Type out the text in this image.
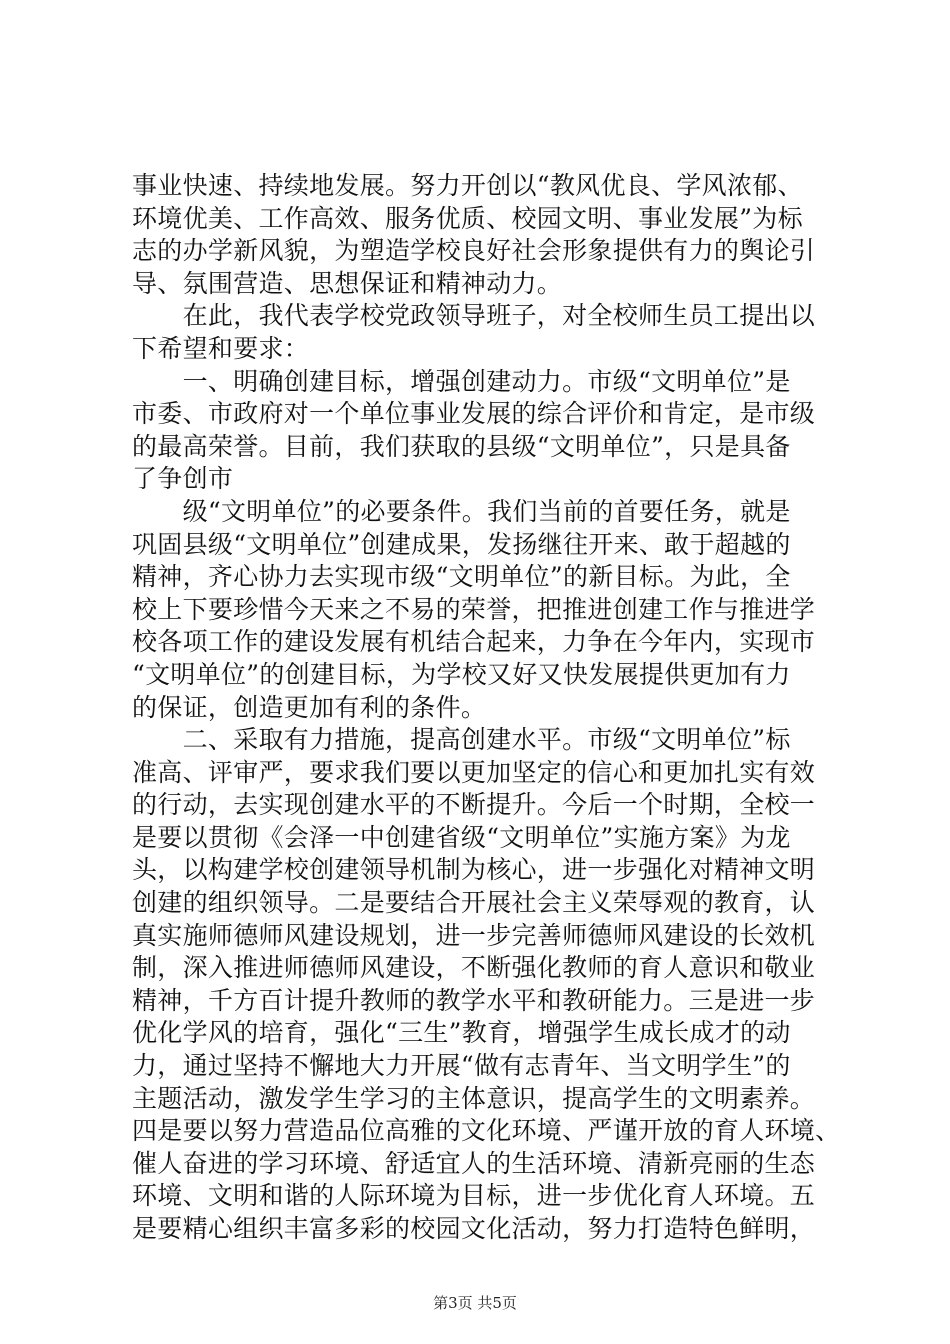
事业快速、持续地发展。努力开创以“教风优良、学风浓郁、
环境优美、工作高效、服务优质、校园文明、事业发展”为标
志的办学新风貌，为塑造学校良好社会形象提供有力的舆论引
导、氛围营造、思想保证和精神动力。
　　在此，我代表学校党政领导班子，对全校师生员工提出以
下希望和要求：
　　一、明确创建目标，增强创建动力。市级“文明单位”是
市委、市政府对一个单位事业发展的综合评价和肯定，是市级
的最高荣誉。目前，我们获取的县级“文明单位”，只是具备
了争创市
　　级“文明单位”的必要条件。我们当前的首要任务，就是
巩固县级“文明单位”创建成果，发扬继往开来、敢于超越的
精神，齐心协力去实现市级“文明单位”的新目标。为此，全
校上下要珍惜今天来之不易的荣誉，把推进创建工作与推进学
校各项工作的建设发展有机结合起来，力争在今年内，实现市
“文明单位”的创建目标，为学校又好又快发展提供更加有力
的保证，创造更加有利的条件。
　　二、采取有力措施，提高创建水平。市级“文明单位”标
准高、评审严，要求我们要以更加坚定的信心和更加扎实有效
的行动，去实现创建水平的不断提升。今后一个时期，全校一
是要以贯彻《会泽一中创建省级“文明单位”实施方案》为龙
头，以构建学校创建领导机制为核心，进一步强化对精神文明
创建的组织领导。二是要结合开展社会主义荣辱观的教育，认
真实施师德师风建设规划，进一步完善师德师风建设的长效机
制，深入推进师德师风建设，不断强化教师的育人意识和敬业
精神，千方百计提升教师的教学水平和教研能力。三是进一步
优化学风的培育，强化“三生”教育，增强学生成长成才的动
力，通过坚持不懈地大力开展“做有志青年、当文明学生”的
主题活动，激发学生学习的主体意识，提高学生的文明素养。
四是要以努力营造品位高雅的文化环境、严谨开放的育人环境、
催人奋进的学习环境、舒适宜人的生活环境、清新亮丽的生态
环境、文明和谐的人际环境为目标，进一步优化育人环境。五
是要精心组织丰富多彩的校园文化活动，努力打造特色鲜明，
第3页 共5页
